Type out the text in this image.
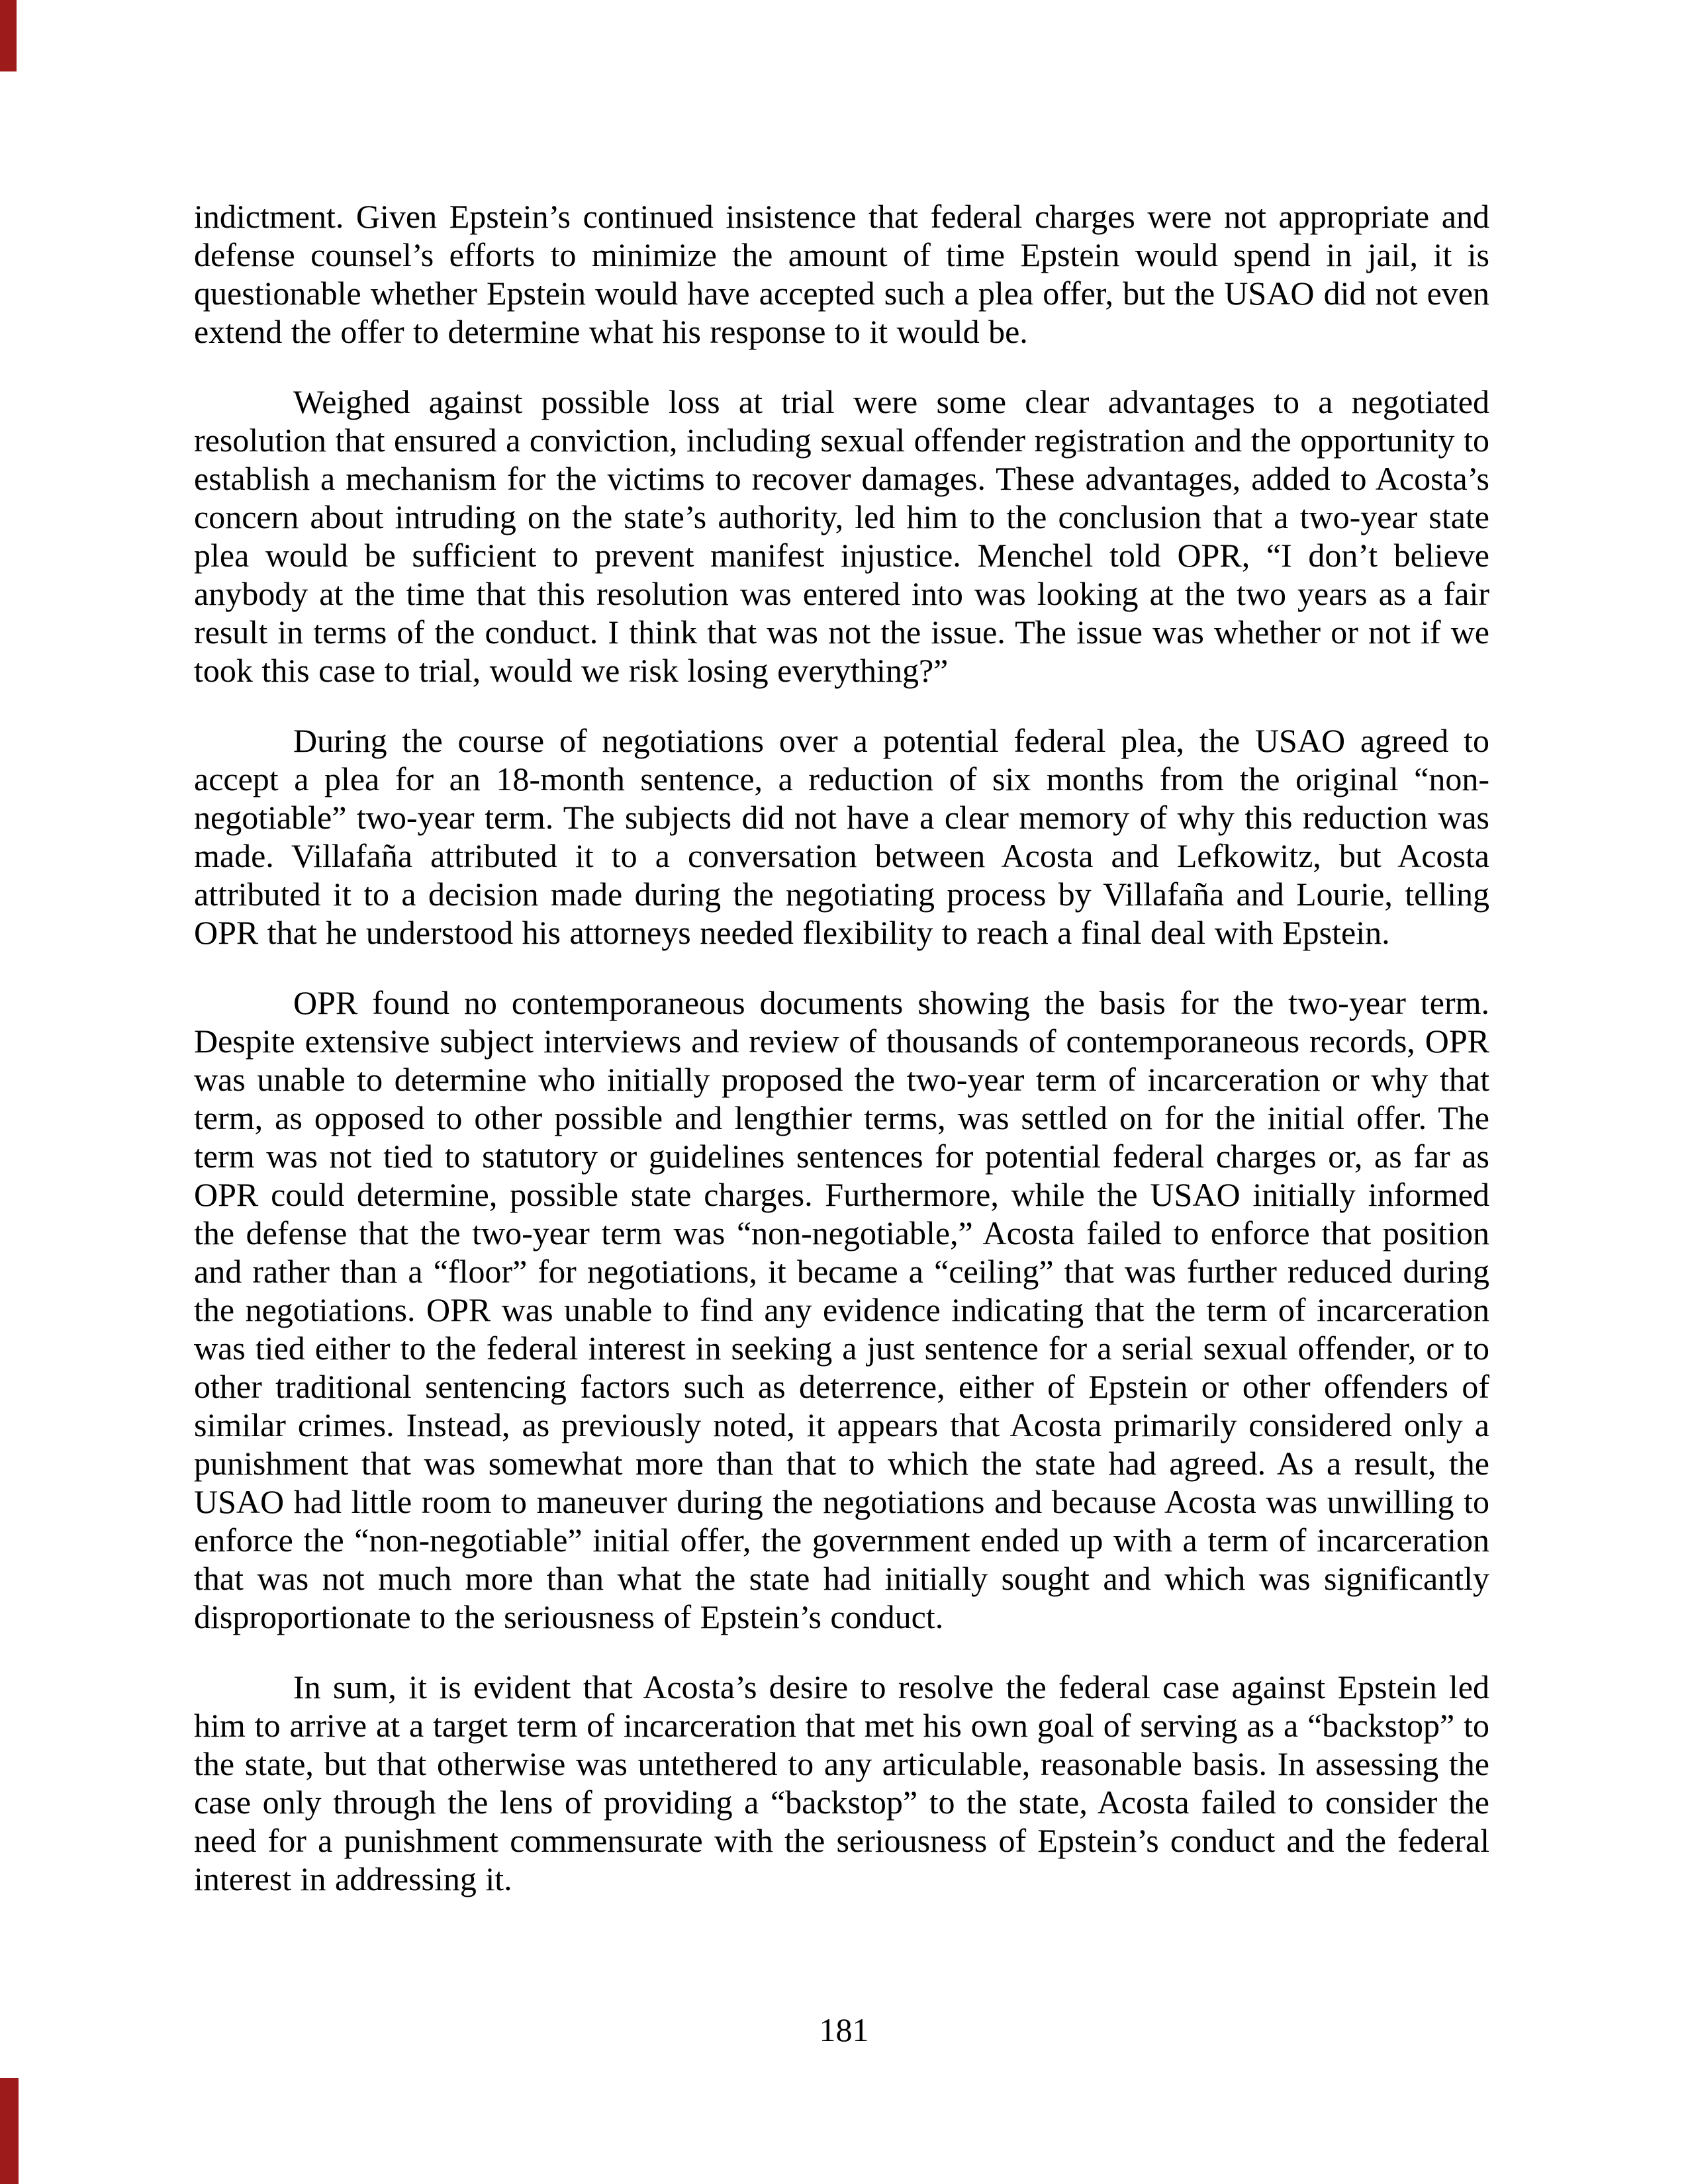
indictment. Given Epstein’s continued insistence that federal charges were not appropriate and defense counsel’s efforts to minimize the amount of time Epstein would spend in jail, it is questionable whether Epstein would have accepted such a plea offer, but the USAO did not even extend the offer to determine what his response to it would be.

Weighed against possible loss at trial were some clear advantages to a negotiated resolution that ensured a conviction, including sexual offender registration and the opportunity to establish a mechanism for the victims to recover damages. These advantages, added to Acosta’s concern about intruding on the state’s authority, led him to the conclusion that a two-year state plea would be sufficient to prevent manifest injustice. Menchel told OPR, “I don’t believe anybody at the time that this resolution was entered into was looking at the two years as a fair result in terms of the conduct. I think that was not the issue. The issue was whether or not if we took this case to trial, would we risk losing everything?”

During the course of negotiations over a potential federal plea, the USAO agreed to accept a plea for an 18-month sentence, a reduction of six months from the original “non-negotiable” two-year term. The subjects did not have a clear memory of why this reduction was made. Villafaña attributed it to a conversation between Acosta and Lefkowitz, but Acosta attributed it to a decision made during the negotiating process by Villafaña and Lourie, telling OPR that he understood his attorneys needed flexibility to reach a final deal with Epstein.

OPR found no contemporaneous documents showing the basis for the two-year term. Despite extensive subject interviews and review of thousands of contemporaneous records, OPR was unable to determine who initially proposed the two-year term of incarceration or why that term, as opposed to other possible and lengthier terms, was settled on for the initial offer. The term was not tied to statutory or guidelines sentences for potential federal charges or, as far as OPR could determine, possible state charges. Furthermore, while the USAO initially informed the defense that the two-year term was “non-negotiable,” Acosta failed to enforce that position and rather than a “floor” for negotiations, it became a “ceiling” that was further reduced during the negotiations. OPR was unable to find any evidence indicating that the term of incarceration was tied either to the federal interest in seeking a just sentence for a serial sexual offender, or to other traditional sentencing factors such as deterrence, either of Epstein or other offenders of similar crimes. Instead, as previously noted, it appears that Acosta primarily considered only a punishment that was somewhat more than that to which the state had agreed. As a result, the USAO had little room to maneuver during the negotiations and because Acosta was unwilling to enforce the “non-negotiable” initial offer, the government ended up with a term of incarceration that was not much more than what the state had initially sought and which was significantly disproportionate to the seriousness of Epstein’s conduct.

In sum, it is evident that Acosta’s desire to resolve the federal case against Epstein led him to arrive at a target term of incarceration that met his own goal of serving as a “backstop” to the state, but that otherwise was untethered to any articulable, reasonable basis. In assessing the case only through the lens of providing a “backstop” to the state, Acosta failed to consider the need for a punishment commensurate with the seriousness of Epstein’s conduct and the federal interest in addressing it.

181
